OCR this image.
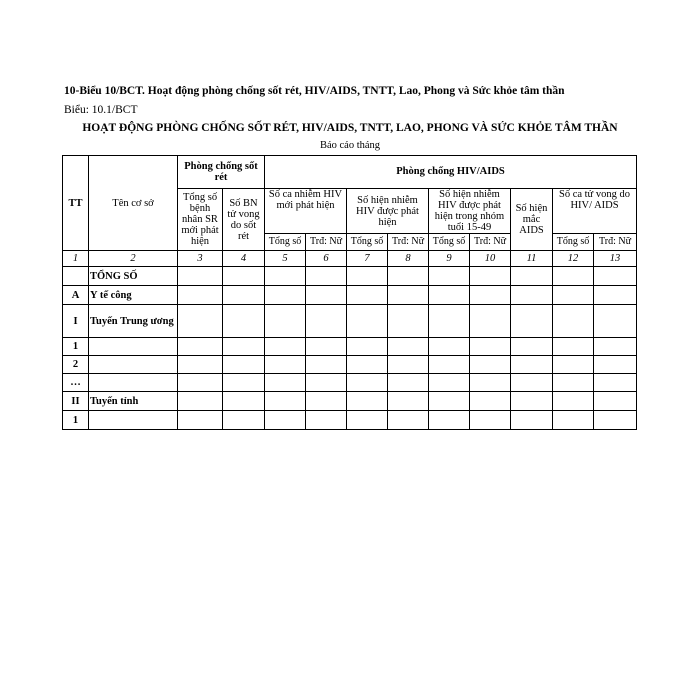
10-Biểu 10/BCT. Hoạt động phòng chống sốt rét, HIV/AIDS, TNTT, Lao, Phong và Sức khỏe tâm thần
Biểu: 10.1/BCT
HOẠT ĐỘNG PHÒNG CHỐNG SỐT RÉT, HIV/AIDS, TNTT, LAO, PHONG VÀ SỨC KHỎE TÂM THẦN
Báo cáo tháng
TT	Tên cơ sở	Phòng chống sốt rét		Phòng chống HIV/AIDS								
		Tổng số bệnh nhân SR mới phát hiện	Số BN tử vong do sốt rét	Số ca nhiễm HIV mới phát hiện		Số hiện nhiễm HIV được phát hiện		Số hiện nhiễm HIV được phát hiện trong nhóm tuổi 15-49		Số hiện mắc AIDS	Số ca tử vong do HIV/ AIDS	
				Tổng số	Trđ: Nữ	Tổng số	Trđ: Nữ	Tổng số	Trđ: Nữ		Tổng số	Trđ: Nữ
1	2	3	4	5	6	7	8	9	10	11	12	13
	TỔNG SỐ											
A	Y tế công											
I	Tuyến Trung ương											
1												
2												
…												
II	Tuyến tỉnh											
1												
